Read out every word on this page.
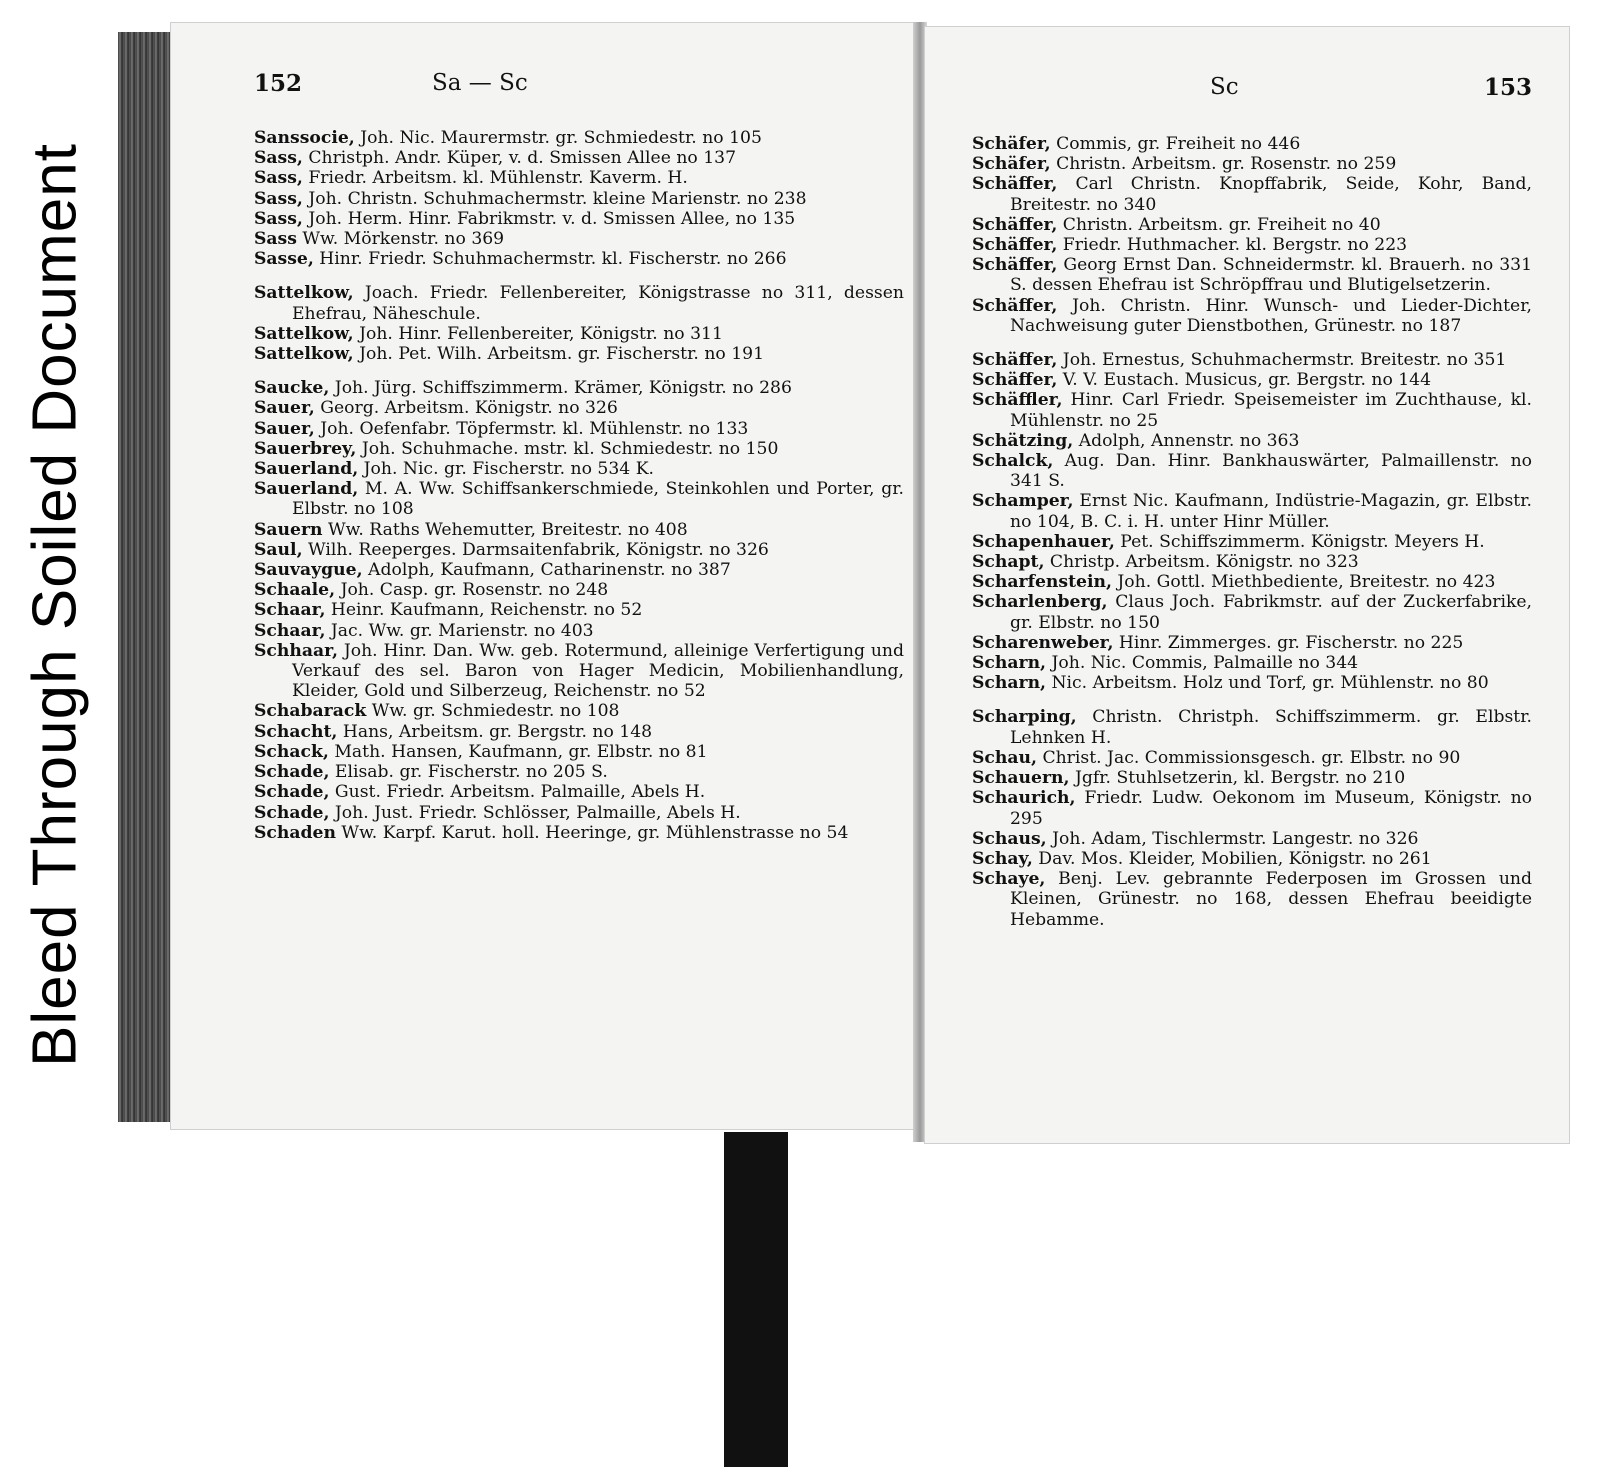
Bleed Through Soiled Document
152	Sa — Sc
Sanssocie, Joh. Nic. Maurermstr. gr. Schmiedestr. no 105
Sass, Christph. Andr. Küper, v. d. Smissen Allee no 137
Sass, Friedr. Arbeitsm. kl. Mühlenstr. Kaverm. H.
Sass, Joh. Christn. Schuhmachermstr. kleine Marienstr. no 238
Sass, Joh. Herm. Hinr. Fabrikmstr. v. d. Smissen Allee, no 135
Sass Ww. Mörkenstr. no 369
Sasse, Hinr. Friedr. Schuhmachermstr. kl. Fischerstr. no 266
Sattelkow, Joach. Friedr. Fellenbereiter, Königstrasse no 311, dessen Ehefrau, Näheschule.
Sattelkow, Joh. Hinr. Fellenbereiter, Königstr. no 311
Sattelkow, Joh. Pet. Wilh. Arbeitsm. gr. Fischerstr. no 191
Saucke, Joh. Jürg. Schiffszimmerm. Krämer, Königstr. no 286
Sauer, Georg. Arbeitsm. Königstr. no 326
Sauer, Joh. Oefenfabr. Töpfermstr. kl. Mühlenstr. no 133
Sauerbrey, Joh. Schuhmache. mstr. kl. Schmiedestr. no 150
Sauerland, Joh. Nic. gr. Fischerstr. no 534 K.
Sauerland, M. A. Ww. Schiffsankerschmiede, Steinkohlen und Porter, gr. Elbstr. no 108
Sauern Ww. Raths Wehemutter, Breitestr. no 408
Saul, Wilh. Reeperges. Darmsaitenfabrik, Königstr. no 326
Sauvaygue, Adolph, Kaufmann, Catharinenstr. no 387
Schaale, Joh. Casp. gr. Rosenstr. no 248
Schaar, Heinr. Kaufmann, Reichenstr. no 52
Schaar, Jac. Ww. gr. Marienstr. no 403
Schhaar, Joh. Hinr. Dan. Ww. geb. Rotermund, alleinige Verfertigung und Verkauf des sel. Baron von Hager Medicin, Mobilienhandlung, Kleider, Gold und Silberzeug, Reichenstr. no 52
Schabarack Ww. gr. Schmiedestr. no 108
Schacht, Hans, Arbeitsm. gr. Bergstr. no 148
Schack, Math. Hansen, Kaufmann, gr. Elbstr. no 81
Schade, Elisab. gr. Fischerstr. no 205 S.
Schade, Gust. Friedr. Arbeitsm. Palmaille, Abels H.
Schade, Joh. Just. Friedr. Schlösser, Palmaille, Abels H.
Schaden Ww. Karpf. Karut. holl. Heeringe, gr. Mühlenstrasse no 54
Sc	153
Schäfer, Commis, gr. Freiheit no 446
Schäfer, Christn. Arbeitsm. gr. Rosenstr. no 259
Schäffer, Carl Christn. Knopffabrik, Seide, Kohr, Band, Breitestr. no 340
Schäffer, Christn. Arbeitsm. gr. Freiheit no 40
Schäffer, Friedr. Huthmacher. kl. Bergstr. no 223
Schäffer, Georg Ernst Dan. Schneidermstr. kl. Brauerh. no 331 S. dessen Ehefrau ist Schröpffrau und Blutigelsetzerin.
Schäffer, Joh. Christn. Hinr. Wunsch- und Lieder-Dichter, Nachweisung guter Dienstbothen, Grünestr. no 187
Schäffer, Joh. Ernestus, Schuhmachermstr. Breitestr. no 351
Schäffer, V. V. Eustach. Musicus, gr. Bergstr. no 144
Schäffler, Hinr. Carl Friedr. Speisemeister im Zuchthause, kl. Mühlenstr. no 25
Schätzing, Adolph, Annenstr. no 363
Schalck, Aug. Dan. Hinr. Bankhauswärter, Palmaillenstr. no 341 S.
Schamper, Ernst Nic. Kaufmann, Indüstrie-Magazin, gr. Elbstr. no 104, B. C. i. H. unter Hinr Müller.
Schapenhauer, Pet. Schiffszimmerm. Königstr. Meyers H.
Schapt, Christp. Arbeitsm. Königstr. no 323
Scharfenstein, Joh. Gottl. Miethbediente, Breitestr. no 423
Scharlenberg, Claus Joch. Fabrikmstr. auf der Zuckerfabrike, gr. Elbstr. no 150
Scharenweber, Hinr. Zimmerges. gr. Fischerstr. no 225
Scharn, Joh. Nic. Commis, Palmaille no 344
Scharn, Nic. Arbeitsm. Holz und Torf, gr. Mühlenstr. no 80
Scharping, Christn. Christph. Schiffszimmerm. gr. Elbstr. Lehnken H.
Schau, Christ. Jac. Commissionsgesch. gr. Elbstr. no 90
Schauern, Jgfr. Stuhlsetzerin, kl. Bergstr. no 210
Schaurich, Friedr. Ludw. Oekonom im Museum, Königstr. no 295
Schaus, Joh. Adam, Tischlermstr. Langestr. no 326
Schay, Dav. Mos. Kleider, Mobilien, Königstr. no 261
Schaye, Benj. Lev. gebrannte Federposen im Grossen und Kleinen, Grünestr. no 168, dessen Ehefrau beeidigte Hebamme.
